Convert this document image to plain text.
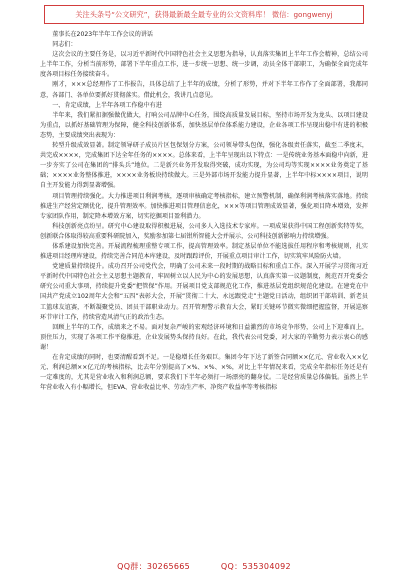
关注头条号“公文研究”，获得最新最全最专业的公文资料库！ 微信：gongwenyj
董事长在2023年半年工作会议的讲话
同志们：

这次会议的主要任务是，以习近平新时代中国特色社会主义思想为指导，认真落实集团上半年工作会精神，总结公司上半年工作，分析当前形势，部署下半年重点工作，进一步统一思想、统一步调，动员全体干部职工，为确保全面完成年度各项目标任务接续奋斗。

刚才，×××总经理作了工作报告，具体总结了上半年的成绩，分析了形势，并对下半年工作作了全面部署，我都同意，各部门、各单位要抓好贯彻落实。借此机会，我讲几点意见。

一、肯定成绩，上半年各项工作稳中有进

半年来，我们紧扣据强做优做大，打响公司品牌中心任务，围绕高质量发展目标，坚持市场开发为龙头、以项目建设为重点，以抓好基础管理为保障，健全科技创新体系，加快基层单位体系能力建设，企业各项工作呈现出稳中有进的积极态势，主要成绩突出表现为：

转型升级成效显著。制定领导研子成员片区包保划分方案，公司领导带头包保，强化各级责任落实，截至二季度末，共完成××××，完成集团下达全年任务的××××。总体来看，上半年呈现出以下特点：一是传统业务基本面稳中向新，进一步夯实了公司在集团的“排头兵”地位。二是新兴业务开发取得突破，成功实现，为公司均等实现××××业务奠定了基础；××××业务整体推进，××××业务板块持续做大。三是外部市场开发能力提升显著，上半年中标××××项目，说明自主开发能力得到显著增强。

项目管理持续强化。大力推进项目利润考核，逐项审核确定考核指标，建立预警机制，确保利润考核落实落地。持续推进生产经营定额优化，提升管理效率。加快推进项目管理信息化，×××等项目管理成效显著，强化项目降本增效，发挥专家团队作用，制定降本增效方案，切实挖掘项目盈利潜力。

科技创新亮点纷呈。研究中心建设取得积极进展，公司多人入选技术专家库。一项成果获得中国工程创新奖特等奖，创新联合体取得较高重要科研院加入，奖励参加第七届钳所智能大会并展示，公司科技创新影响力持续增强。

体系建设加快完善。开展流程梳理重整专项工作，提高管理效率。制定基层单位不能选拔任用程序和考核规则，扎实推进项目经理库建设，持续完善合同范本库建设，及时跟踪评价，开展重点项目审计工作，切实筑牢风险防火墙。

党建质量持续提升。成功召开公司党代会，明确了公司未来一段时期的战略目标和重点工作。深入开展学习贯彻习近平新时代中国特色社会主义思想主题教育，牢固树立以人民为中心的发展思想，认真落实第一议题制度，规范召开党委会研究公司重大事项，持续提升党委“把管保”作用。开展项目党支部规范化工作，推进基层党组织规范化建设。在建党在中国共产党成立102周年大会和“五四”表彰大会，开展“贯彻二十大、永远跟党走”主题党日活动，组织团干部培训、新老员工篮球友谊赛，不断凝聚党员、团员干部职业动力。召开管理警示教育大会，紧盯关键环节微实微细把握监督，开展巡察环节审计工作，持续营造风清气正的政治生态。

回顾上半年的工作，成绩来之不易。面对复杂严峻的宏观经济环境和日益激烈的市场竞争形势，公司上下迎难而上，顶住压力，实现了各项工作平稳推进，企业发展势头保持良好。在此，我代表公司党委，对大家的辛勤努力表示衷心的感谢！

在肯定成绩的同时，也要清醒看到不足。一是稳增长任务艰巨。集团今年下达了新签合同额××亿元、营业收入××亿元、利润总额××亿元的考核指标，比去年分别提高了×%、×%、×%，对比上半年情况来看，完成全年指标任务还是有一定难度的，尤其是营业收入和利润总额，要求我们下半年必须打一场漂亮的翻身仗。二是经营质量总体偏低。虽然上半年营业收入有小幅增长，但EVA、营业收益比率、劳动生产率、净资产收益率等考核指标

QQ群：30265665	QQ：535304092
